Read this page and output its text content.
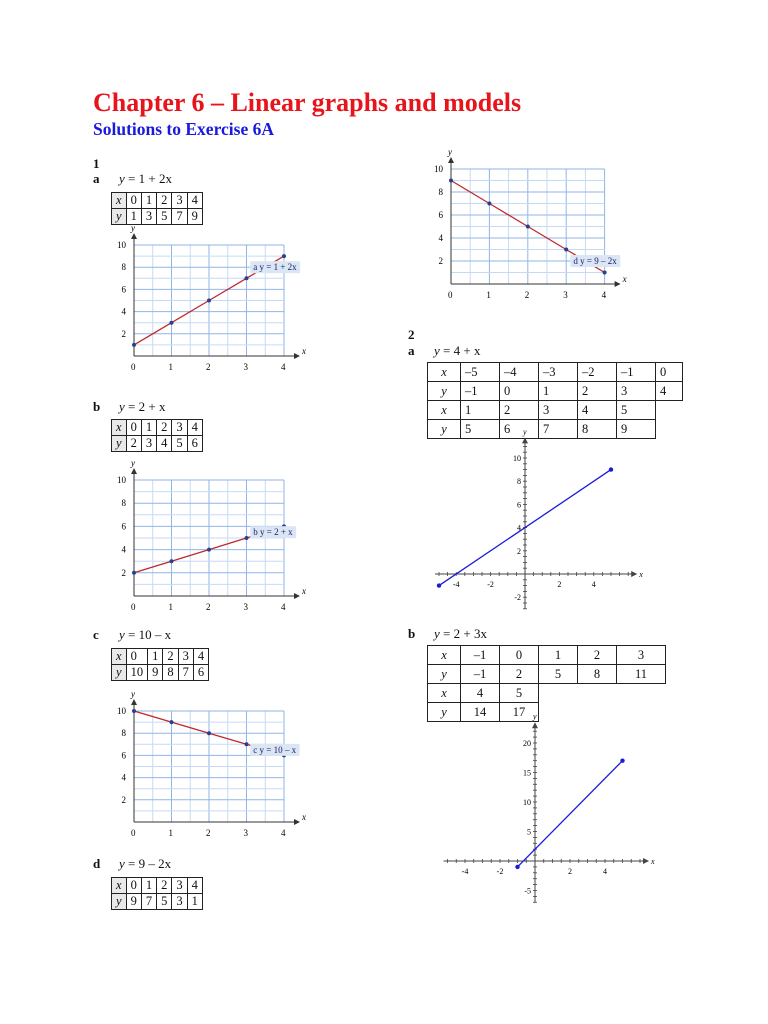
Chapter 6 – Linear graphs and models
Solutions to Exercise 6A
1
a y = 1 + 2x
x	0	1	2	3	4
y	1	3	5	7	9
x
y
0	1	2	3	4
2
4
6
8
10
a y = 1 + 2x
b y = 2 + x
x	0	1	2	3	4
y	2	3	4	5	6
x
y
0	1	2	3	4
2
4
6
8
10
b y = 2 + x
c y = 10 – x
x	0	1	2	3	4
y	10	9	8	7	6
x
y
0	1	2	3	4
2
4
6
8
10
c y = 10 – x
d y = 9 – 2x
x	0	1	2	3	4
y	9	7	5	3	1
x
y
0	1	2	3	4
2
4
6
8
10
d y = 9 – 2x
2
a y = 4 + x
x	–5	–4	–3	–2	–1	0
y	–1	0	1	2	3	4
x	1	2	3	4	5	
y	5	6	7	8	9	
x
y
-4	-2	2	4
-2
2
4
6
8
10
b y = 2 + 3x
x	–1	0	1	2	3
y	–1	2	5	8	11
x	4	5			
y	14	17			
x
y
-4	-2	2	4
-5
5
10
15
20
